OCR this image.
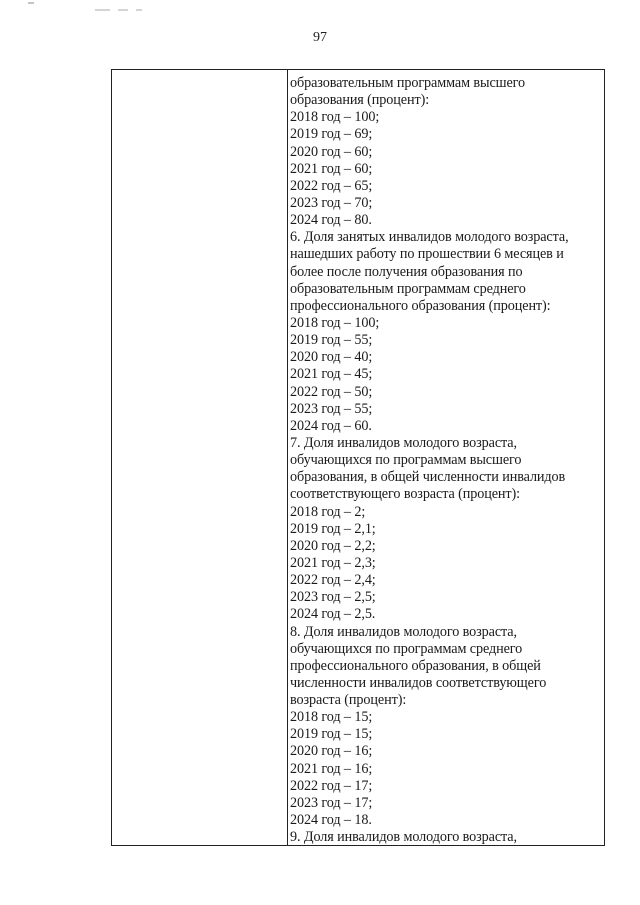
97
образовательным программам высшего
образования (процент):
2018 год – 100;
2019 год – 69;
2020 год – 60;
2021 год – 60;
2022 год – 65;
2023 год – 70;
2024 год – 80.
6. Доля занятых инвалидов молодого возраста,
нашедших работу по прошествии 6 месяцев и
более после получения образования по
образовательным программам среднего
профессионального образования (процент):
2018 год – 100;
2019 год – 55;
2020 год – 40;
2021 год – 45;
2022 год – 50;
2023 год – 55;
2024 год – 60.
7. Доля инвалидов молодого возраста,
обучающихся по программам высшего
образования, в общей численности инвалидов
соответствующего возраста (процент):
2018 год – 2;
2019 год – 2,1;
2020 год – 2,2;
2021 год – 2,3;
2022 год – 2,4;
2023 год – 2,5;
2024 год – 2,5.
8. Доля инвалидов молодого возраста,
обучающихся по программам среднего
профессионального образования, в общей
численности инвалидов соответствующего
возраста (процент):
2018 год – 15;
2019 год – 15;
2020 год – 16;
2021 год – 16;
2022 год – 17;
2023 год – 17;
2024 год – 18.
9. Доля инвалидов молодого возраста,
